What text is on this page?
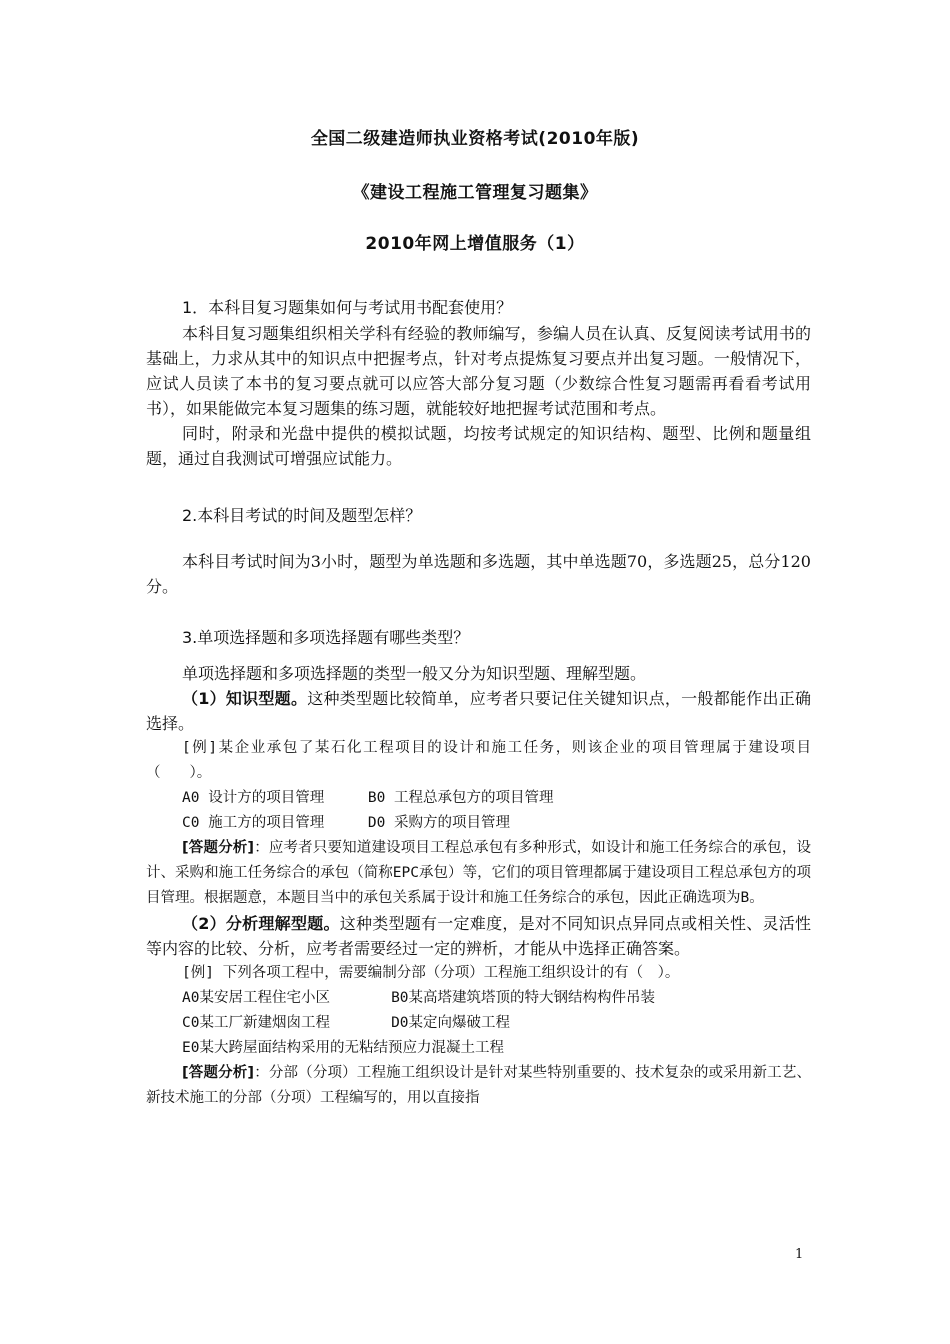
全国二级建造师执业资格考试(2010年版)
《建设工程施工管理复习题集》
2010年网上增值服务（1）

1．本科目复习题集如何与考试用书配套使用？

本科目复习题集组织相关学科有经验的教师编写，参编人员在认真、反复阅读考试用书的基础上，力求从其中的知识点中把握考点，针对考点提炼复习要点并出复习题。一般情况下，应试人员读了本书的复习要点就可以应答大部分复习题（少数综合性复习题需再看看考试用书），如果能做完本复习题集的练习题，就能较好地把握考试范围和考点。

同时，附录和光盘中提供的模拟试题，均按考试规定的知识结构、题型、比例和题量组题，通过自我测试可增强应试能力。

2.本科目考试的时间及题型怎样？

本科目考试时间为3小时，题型为单选题和多选题，其中单选题70，多选题25，总分120分。

3.单项选择题和多项选择题有哪些类型？

单项选择题和多项选择题的类型一般又分为知识型题、理解型题。

（1）知识型题。这种类型题比较简单，应考者只要记住关键知识点，一般都能作出正确选择。

[例]某企业承包了某石化工程项目的设计和施工任务，则该企业的项目管理属于建设项目（　　）。

A0 设计方的项目管理     B0 工程总承包方的项目管理

C0 施工方的项目管理     D0 采购方的项目管理

[答题分析]：应考者只要知道建设项目工程总承包有多种形式，如设计和施工任务综合的承包，设计、采购和施工任务综合的承包（简称EPC承包）等，它们的项目管理都属于建设项目工程总承包方的项目管理。根据题意，本题目当中的承包关系属于设计和施工任务综合的承包，因此正确选项为B。

（2）分析理解型题。这种类型题有一定难度，是对不同知识点异同点或相关性、灵活性等内容的比较、分析，应考者需要经过一定的辨析，才能从中选择正确答案。

[例] 下列各项工程中，需要编制分部（分项）工程施工组织设计的有（　）。

A0某安居工程住宅小区       B0某高塔建筑塔顶的特大钢结构构件吊装

C0某工厂新建烟囱工程       D0某定向爆破工程

E0某大跨屋面结构采用的无粘结预应力混凝土工程

[答题分析]：分部（分项）工程施工组织设计是针对某些特别重要的、技术复杂的或采用新工艺、新技术施工的分部（分项）工程编写的，用以直接指

1
